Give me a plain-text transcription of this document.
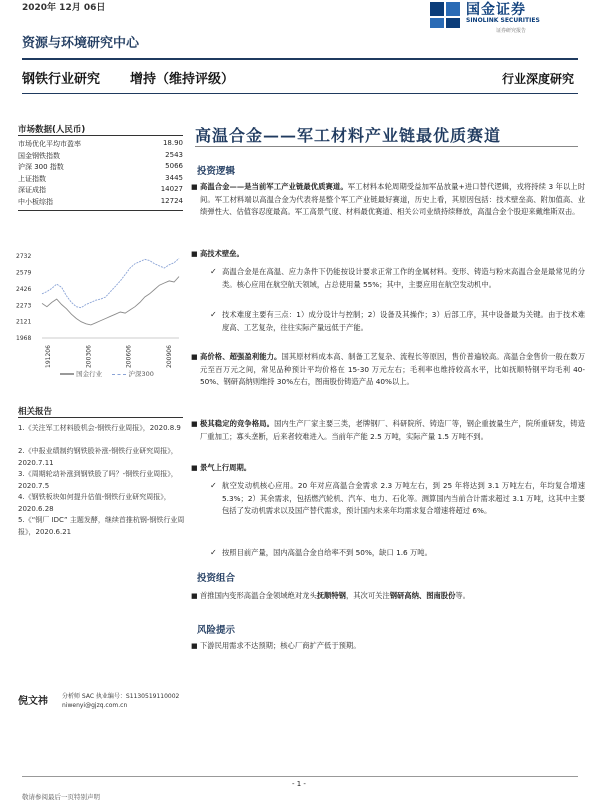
2020年 12月 06日	国金证券
SINOLINK SECURITIES
证券研究报告
资源与环境研究中心
钢铁行业研究 增持（维持评级）	行业深度研究
市场数据(人民币)
市场优化平均市盈率	18.90
国金钢铁指数	2543
沪深 300 指数	5066
上证指数	3445
深证成指	14027
中小板综指	12724
2732
2579
2426
2273
2121
1968
191206	200306	200606	200906
国金行业	沪深300
相关报告
1.《关注军工材料股机会-钢铁行业周报》，2020.8.9
2.《中报业绩制约钢铁股补涨-钢铁行业研究周报》，2020.7.11
3.《周期轮动补涨到钢铁股了吗？-钢铁行业周报》，2020.7.5
4.《钢铁板块如何提升估值-钢铁行业研究周报》，2020.6.28
5.《“钢厂 IDC” 主题发酵，继续首推杭钢-钢铁行业周报》，2020.6.21
倪文祎 分析师 SAC 执业编号：S1130519110002
niwenyi@gjzq.com.cn
高温合金——军工材料产业链最优质赛道
投资逻辑
■ 高温合金——是当前军工产业链最优质赛道。军工材料本轮周期受益加军品放量+进口替代逻辑，戎将持续 3 年以上时间。军工材料端以高温合金为代表将是整个军工产业链最好赛道，历史上看，其原因包括：技术壁垒高、附加值高、业绩弹性大、估值容忍度最高。军工高景气度、材料最优赛道、相关公司业绩持续释放，高温合金个股迎来戴维斯双击。
■ 高技术壁垒。
✓ 高温合金是在高温、应力条件下仍能按设计要求正常工作的金属材料。变形、铸造与粉末高温合金是最常见的分类。核心应用在航空航天领域，占总使用量 55%；其中，主要应用在航空发动机中。
✓ 技术难度主要有三点：1）成分设计与控制；2）设备及其操作；3）后部工序，其中设备最为关键。由于技术难度高、工艺复杂，往往实际产量远低于产能。
■ 高价格、超强盈利能力。国其原材料成本高、制备工艺复杂、流程长等原因，售价普遍较高。高温合金售价一般在数万元至百万元之间，常见品种预计平均价格在 15-30 万元左右；毛利率也维持较高水平，比如抚顺特钢平均毛利 40-50%、钢研高纳则维持 30%左右，图南股份铸造产品 40%以上。
■ 极其稳定的竞争格局。国内生产厂家主要三类，老牌钢厂、科研院所、铸造厂等，钢企重披量生产，院所重研发，铸造厂重加工；寡头垄断，后来者较难进入。当前年产能 2.5 万吨，实际产量 1.5 万吨不到。
■ 景气上行周期。
✓ 航空发动机核心应用。20 年对应高温合金需求 2.3 万吨左右，到 25 年将达到 3.1 万吨左右，年均复合增速 5.3%；2）其余需求，包括燃汽轮机、汽车、电力、石化等。测算国内当前合计需求超过 3.1 万吨，这其中主要包括了发动机需求以及国产替代需求，预计国内未来年均需求复合增速将超过 6%。
✓ 按照目前产量，国内高温合金自给率不到 50%，缺口 1.6 万吨。
投资组合
■ 首推国内变形高温合金领域绝对龙头抚顺特钢，其次可关注钢研高纳、图南股份等。
风险提示
■ 下游民用需求不达预期；核心厂商扩产低于预期。
- 1 -
敬请参阅最后一页特别声明
